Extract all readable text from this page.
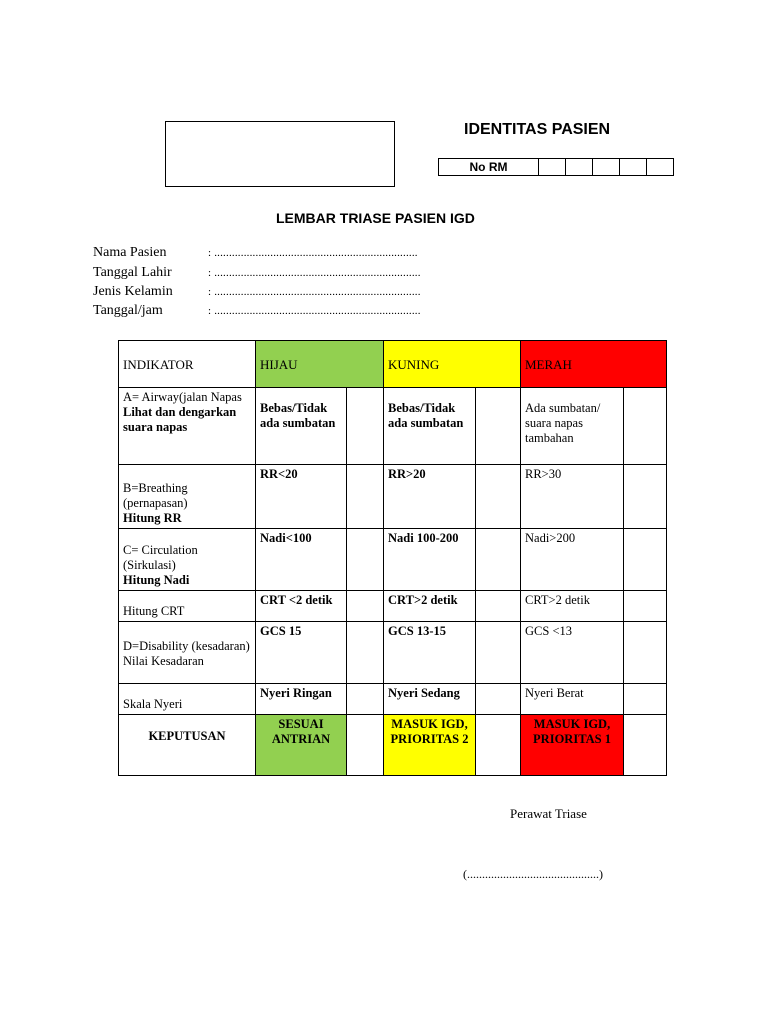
IDENTITAS PASIEN
No RM					
LEMBAR TRIASE PASIEN IGD
Nama Pasien	: .....................................................................
Tanggal Lahir	: ......................................................................
Jenis Kelamin	: ......................................................................
Tanggal/jam	: ......................................................................
INDIKATOR	HIJAU		KUNING		MERAH	
A= Airway(jalan Napas
Lihat dan dengarkan suara napas	Bebas/Tidak ada sumbatan		Bebas/Tidak ada sumbatan		Ada sumbatan/ suara napas tambahan	
B=Breathing (pernapasan)
Hitung RR	RR<20		RR>20		RR>30	
C= Circulation (Sirkulasi)
Hitung Nadi	Nadi<100		Nadi 100-200		Nadi>200	
Hitung CRT	CRT <2 detik		CRT>2 detik		CRT>2 detik	
D=Disability (kesadaran) Nilai Kesadaran	GCS 15		GCS 13-15		GCS <13	
Skala Nyeri	Nyeri Ringan		Nyeri Sedang		Nyeri Berat	
KEPUTUSAN	SESUAI ANTRIAN		MASUK IGD, PRIORITAS 2		MASUK IGD, PRIORITAS 1	
Perawat Triase
(............................................)
